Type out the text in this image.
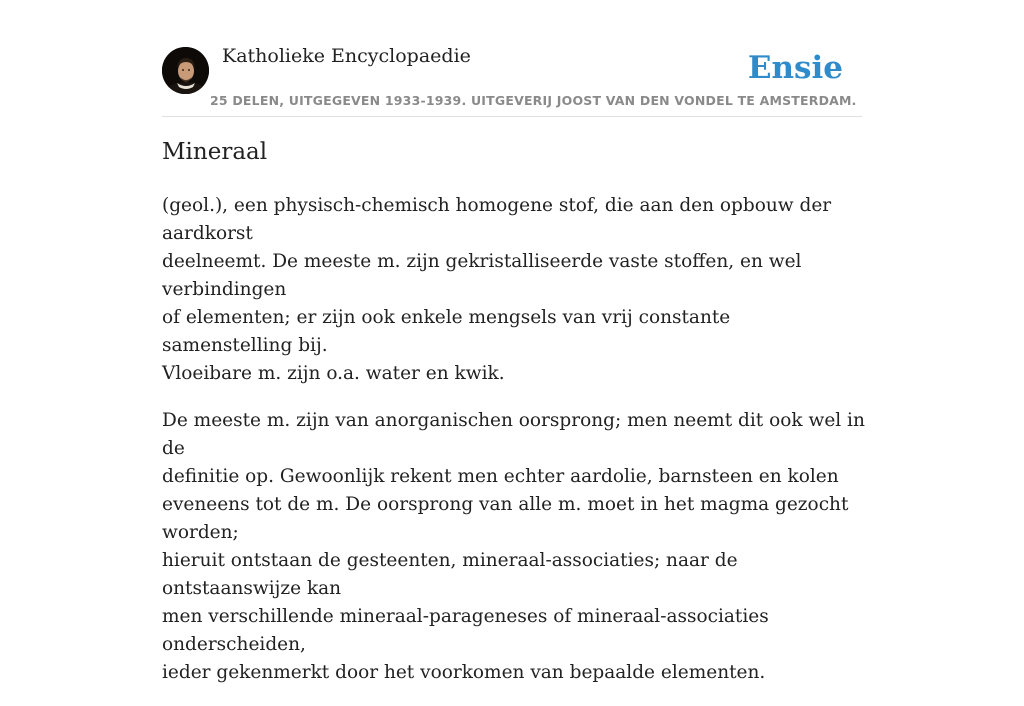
Katholieke Encyclopaedie
25 DELEN, UITGEGEVEN 1933-1939. UITGEVERIJ JOOST VAN DEN VONDEL TE AMSTERDAM.
Ensie
Mineraal

(geol.), een physisch-chemisch homogene stof, die aan den opbouw der aardkorst
deelneemt. De meeste m. zijn gekristalliseerde vaste stoffen, en wel verbindingen
of elementen; er zijn ook enkele mengsels van vrij constante samenstelling bij.
Vloeibare m. zijn o.a. water en kwik.

De meeste m. zijn van anorganischen oorsprong; men neemt dit ook wel in de
definitie op. Gewoonlijk rekent men echter aardolie, barnsteen en kolen
eveneens tot de m. De oorsprong van alle m. moet in het magma gezocht worden;
hieruit ontstaan de gesteenten, mineraal-associaties; naar de ontstaanswijze kan
men verschillende mineraal-parageneses of mineraal-associaties onderscheiden,
ieder gekenmerkt door het voorkomen van bepaalde elementen.
